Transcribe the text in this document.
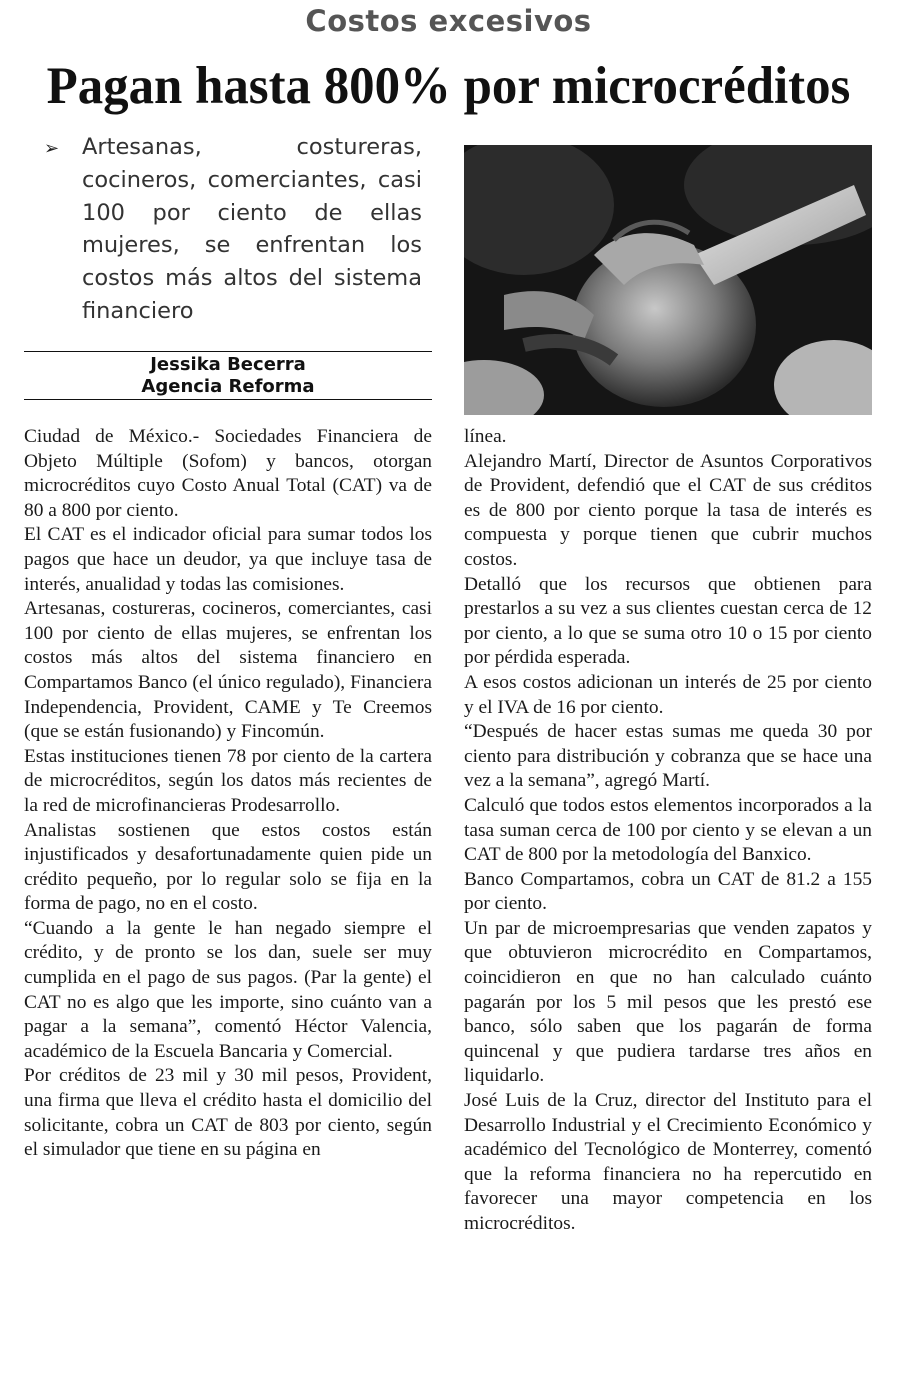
Costos excesivos
Pagan hasta 800% por microcréditos
➢	Artesanas, costureras, cocineros, comerciantes, casi 100 por ciento de ellas mujeres, se enfrentan los costos más altos del sistema financiero
Jessika Becerra
Agencia Reforma

Ciudad de México.- Sociedades Financiera de Objeto Múltiple (Sofom) y bancos, otorgan microcréditos cuyo Costo Anual Total (CAT) va de 80 a 800 por ciento.

El CAT es el indicador oficial para sumar todos los pagos que hace un deudor, ya que incluye tasa de interés, anualidad y todas las comisiones.

Artesanas, costureras, cocineros, comerciantes, casi 100 por ciento de ellas mujeres, se enfrentan los costos más altos del sistema financiero en Compartamos Banco (el único regulado), Financiera Independencia, Provident, CAME y Te Creemos (que se están fusionando) y Fincomún.

Estas instituciones tienen 78 por ciento de la cartera de microcréditos, según los datos más recientes de la red de microfinancieras Prodesarrollo.

Analistas sostienen que estos costos están injustificados y desafortunadamente quien pide un crédito pequeño, por lo regular solo se fija en la forma de pago, no en el costo.

“Cuando a la gente le han negado siempre el crédito, y de pronto se los dan, suele ser muy cumplida en el pago de sus pagos. (Par la gente) el CAT no es algo que les importe, sino cuánto van a pagar a la semana”, comentó Héctor Valencia, académico de la Escuela Bancaria y Comercial.

Por créditos de 23 mil y 30 mil pesos, Provident, una firma que lleva el crédito hasta el domicilio del solicitante, cobra un CAT de 803 por ciento, según el simulador que tiene en su página en

línea.

Alejandro Martí, Director de Asuntos Corporativos de Provident, defendió que el CAT de sus créditos es de 800 por ciento porque la tasa de interés es compuesta y porque tienen que cubrir muchos costos.

Detalló que los recursos que obtienen para prestarlos a su vez a sus clientes cuestan cerca de 12 por ciento, a lo que se suma otro 10 o 15 por ciento por pérdida esperada.

A esos costos adicionan un interés de 25 por ciento y el IVA de 16 por ciento.

“Después de hacer estas sumas me queda 30 por ciento para distribución y cobranza que se hace una vez a la semana”, agregó Martí.

Calculó que todos estos elementos incorporados a la tasa suman cerca de 100 por ciento y se elevan a un CAT de 800 por la metodología del Banxico.

Banco Compartamos, cobra un CAT de 81.2 a 155 por ciento.

Un par de microempresarias que venden zapatos y que obtuvieron microcrédito en Compartamos, coincidieron en que no han calculado cuánto pagarán por los 5 mil pesos que les prestó ese banco, sólo saben que los pagarán de forma quincenal y que pudiera tardarse tres años en liquidarlo.

José Luis de la Cruz, director del Instituto para el Desarrollo Industrial y el Crecimiento Económico y académico del Tecnológico de Monterrey, comentó que la reforma financiera no ha repercutido en favorecer una mayor competencia en los microcréditos.
